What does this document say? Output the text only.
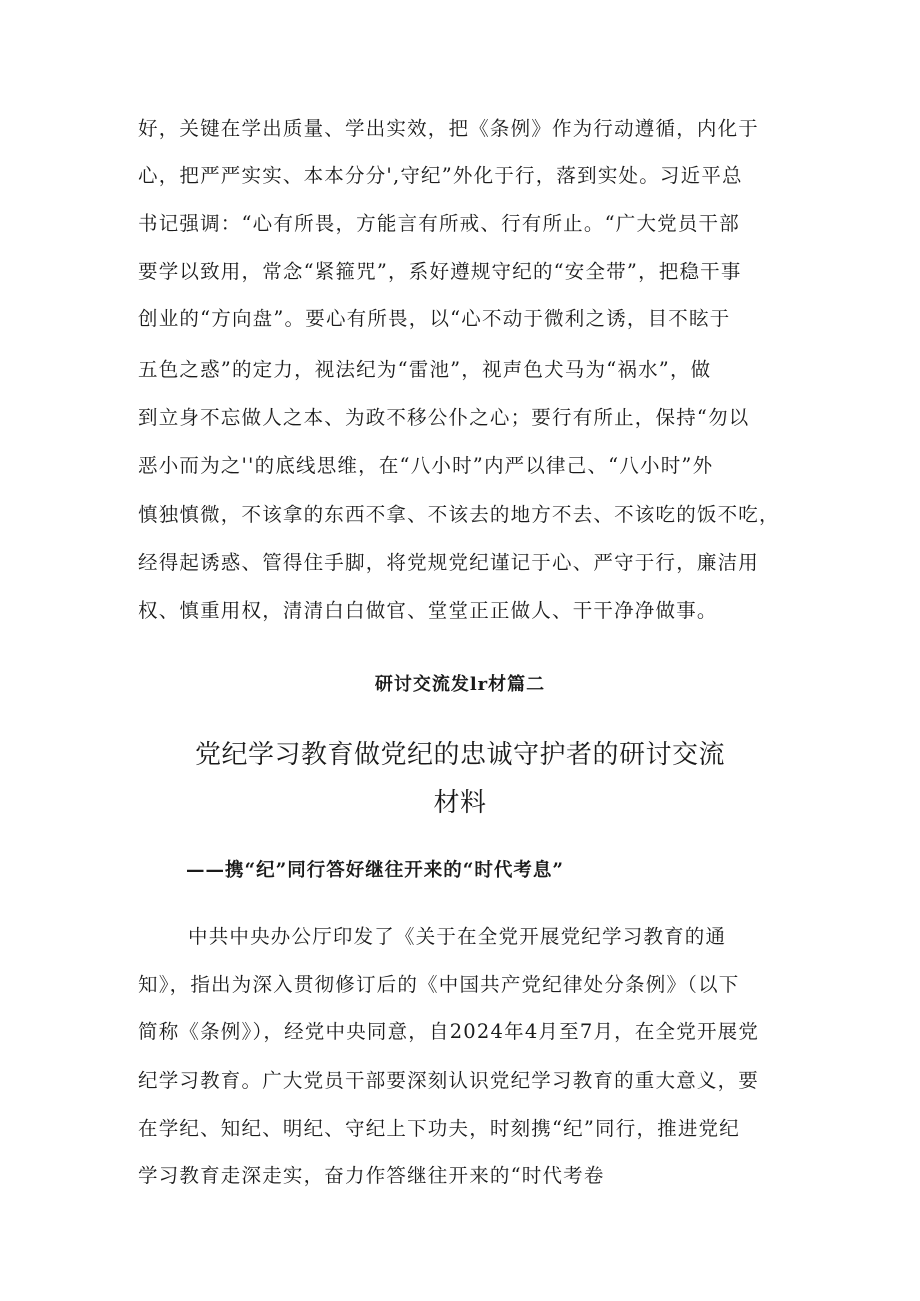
好，关键在学出质量、学出实效，把《条例》作为行动遵循，内化于
心，把严严实实、本本分分',守纪”外化于行，落到实处。习近平总
书记强调：“心有所畏，方能言有所戒、行有所止。“广大党员干部
要学以致用，常念“紧箍咒”，系好遵规守纪的“安全带”，把稳干事
创业的“方向盘”。要心有所畏，以“心不动于微利之诱，目不眩于
五色之惑”的定力，视法纪为“雷池”，视声色犬马为“祸水”，做
到立身不忘做人之本、为政不移公仆之心；要行有所止，保持“勿以
恶小而为之''的底线思维，在“八小时”内严以律己、“八小时”外
慎独慎微，不该拿的东西不拿、不该去的地方不去、不该吃的饭不吃，
经得起诱惑、管得住手脚，将党规党纪谨记于心、严守于行，廉洁用
权、慎重用权，清清白白做官、堂堂正正做人、干干净净做事。
研讨交流发lr材篇二
党纪学习教育做党纪的忠诚守护者的研讨交流
材料
——携“纪”同行答好继往开来的“时代考息”
中共中央办公厅印发了《关于在全党开展党纪学习教育的通
知》，指出为深入贯彻修订后的《中国共产党纪律处分条例》（以下
简称《条例》），经党中央同意，自2024年4月至7月，在全党开展党
纪学习教育。广大党员干部要深刻认识党纪学习教育的重大意义，要
在学纪、知纪、明纪、守纪上下功夫，时刻携“纪”同行，推进党纪
学习教育走深走实，奋力作答继往开来的“时代考卷
